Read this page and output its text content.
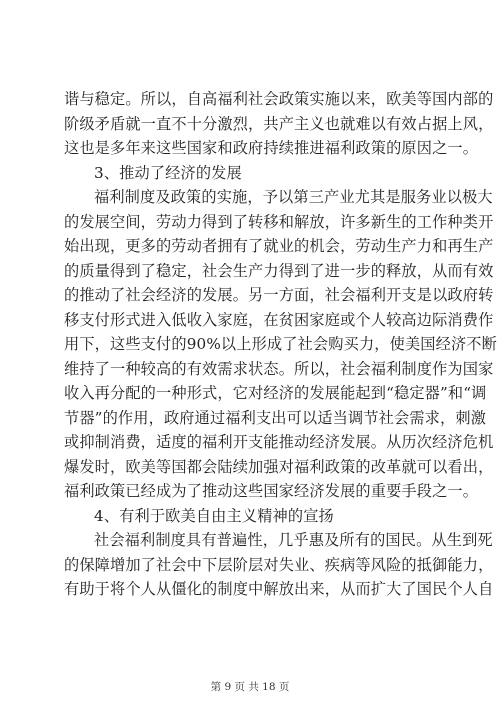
谐与稳定。所以，自高福利社会政策实施以来，欧美等国内部的
阶级矛盾就一直不十分激烈，共产主义也就难以有效占据上风，
这也是多年来这些国家和政府持续推进福利政策的原因之一。
3、推动了经济的发展
福利制度及政策的实施，予以第三产业尤其是服务业以极大
的发展空间，劳动力得到了转移和解放，许多新生的工作种类开
始出现，更多的劳动者拥有了就业的机会，劳动生产力和再生产
的质量得到了稳定，社会生产力得到了进一步的释放，从而有效
的推动了社会经济的发展。另一方面，社会福利开支是以政府转
移支付形式进入低收入家庭，在贫困家庭或个人较高边际消费作
用下，这些支付的90%以上形成了社会购买力，使美国经济不断
维持了一种较高的有效需求状态。所以，社会福利制度作为国家
收入再分配的一种形式，它对经济的发展能起到“稳定器”和“调
节器”的作用，政府通过福利支出可以适当调节社会需求，刺激
或抑制消费，适度的福利开支能推动经济发展。从历次经济危机
爆发时，欧美等国都会陆续加强对福利政策的改革就可以看出，
福利政策已经成为了推动这些国家经济发展的重要手段之一。
4、有利于欧美自由主义精神的宣扬
社会福利制度具有普遍性，几乎惠及所有的国民。从生到死
的保障增加了社会中下层阶层对失业、疾病等风险的抵御能力，
有助于将个人从僵化的制度中解放出来，从而扩大了国民个人自
第 9 页 共 18 页
